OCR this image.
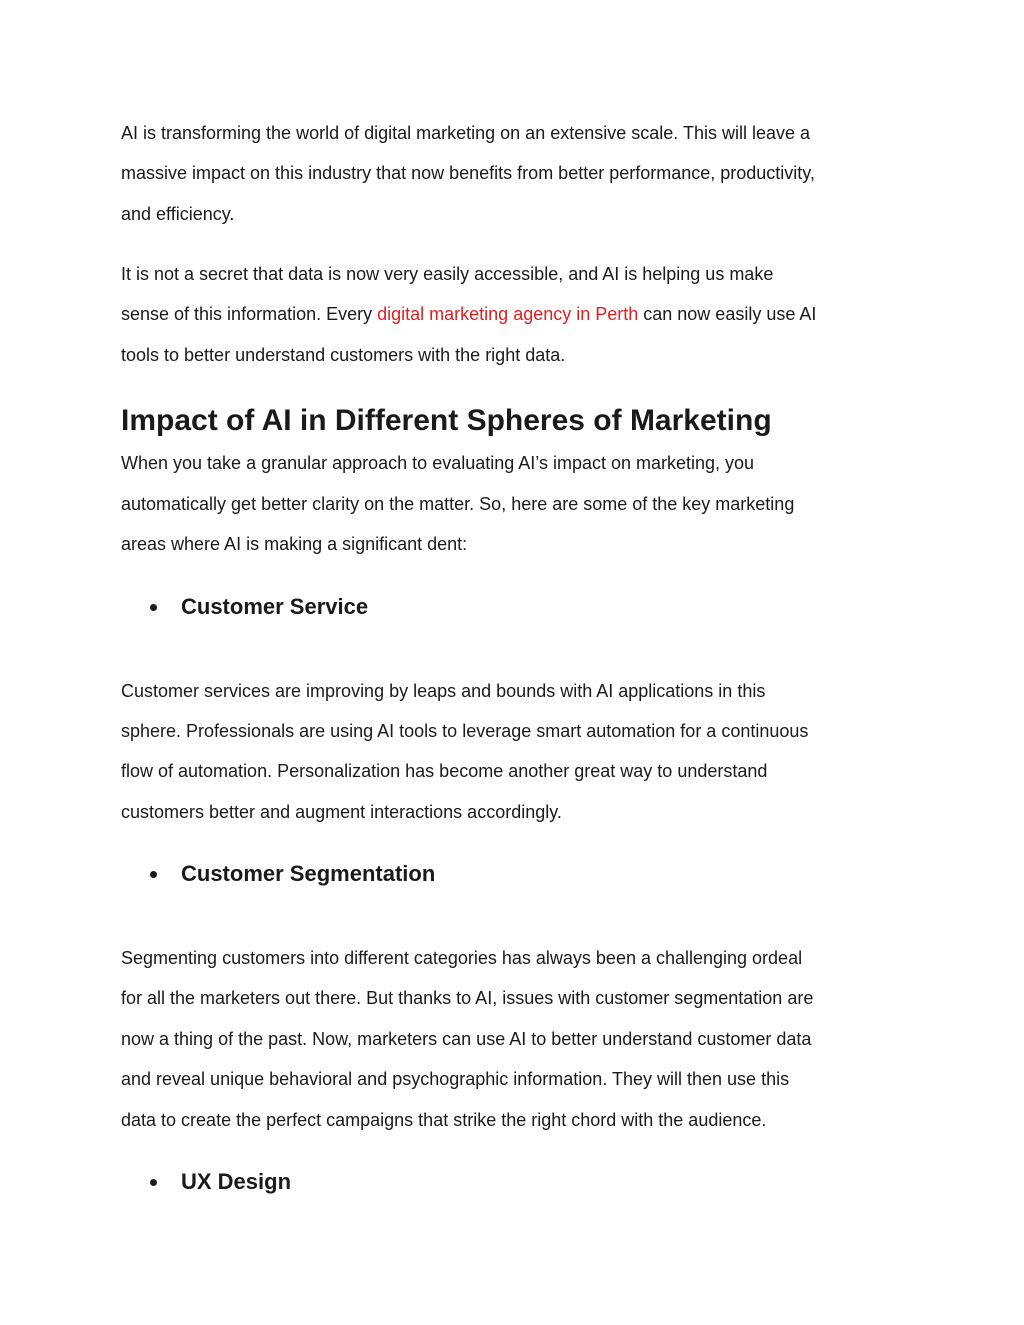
AI is transforming the world of digital marketing on an extensive scale. This will leave a

massive impact on this industry that now benefits from better performance, productivity,

and efficiency.

It is not a secret that data is now very easily accessible, and AI is helping us make

sense of this information. Every digital marketing agency in Perth can now easily use AI

tools to better understand customers with the right data.

Impact of AI in Different Spheres of Marketing

When you take a granular approach to evaluating AI’s impact on marketing, you

automatically get better clarity on the matter. So, here are some of the key marketing

areas where AI is making a significant dent:

Customer Service

Customer services are improving by leaps and bounds with AI applications in this

sphere. Professionals are using AI tools to leverage smart automation for a continuous

flow of automation. Personalization has become another great way to understand

customers better and augment interactions accordingly.

Customer Segmentation

Segmenting customers into different categories has always been a challenging ordeal

for all the marketers out there. But thanks to AI, issues with customer segmentation are

now a thing of the past. Now, marketers can use AI to better understand customer data

and reveal unique behavioral and psychographic information. They will then use this

data to create the perfect campaigns that strike the right chord with the audience.

UX Design
